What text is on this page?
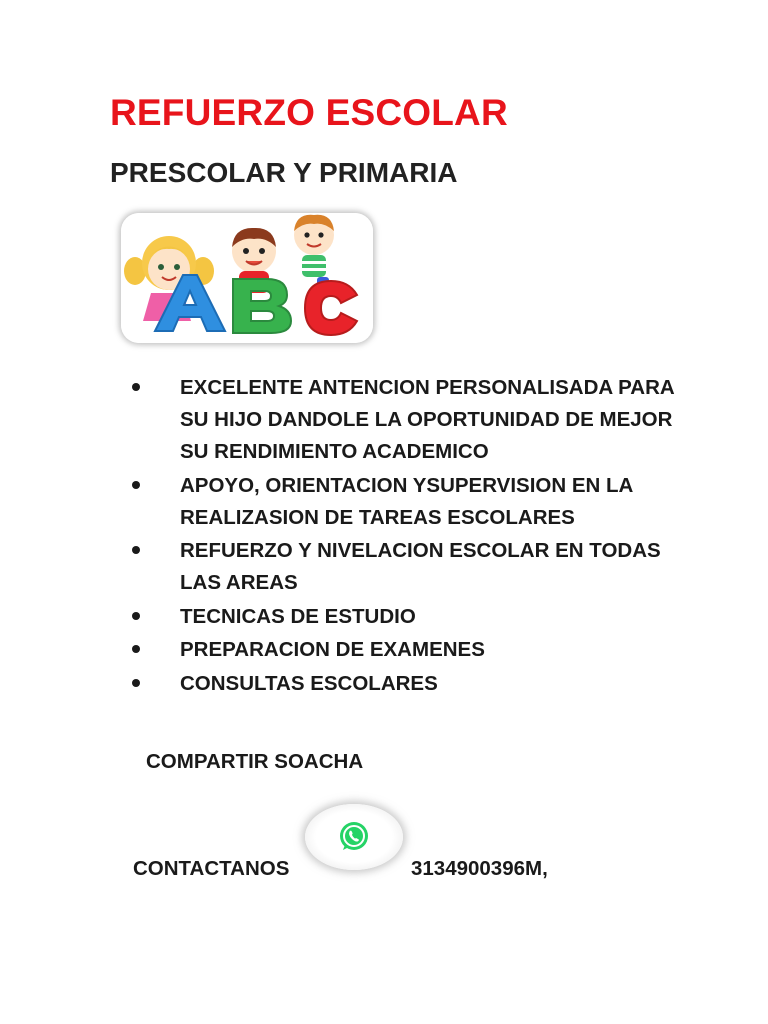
REFUERZO ESCOLAR
PRESCOLAR Y PRIMARIA
EXCELENTE ANTENCION PERSONALISADA PARA SU HIJO DANDOLE LA OPORTUNIDAD DE MEJOR SU RENDIMIENTO ACADEMICO
APOYO, ORIENTACION YSUPERVISION EN LA REALIZASION DE TAREAS ESCOLARES
REFUERZO Y NIVELACION ESCOLAR EN TODAS LAS AREAS
TECNICAS DE ESTUDIO
PREPARACION DE EXAMENES
CONSULTAS ESCOLARES

COMPARTIR SOACHA

CONTACTANOS	3134900396M,
